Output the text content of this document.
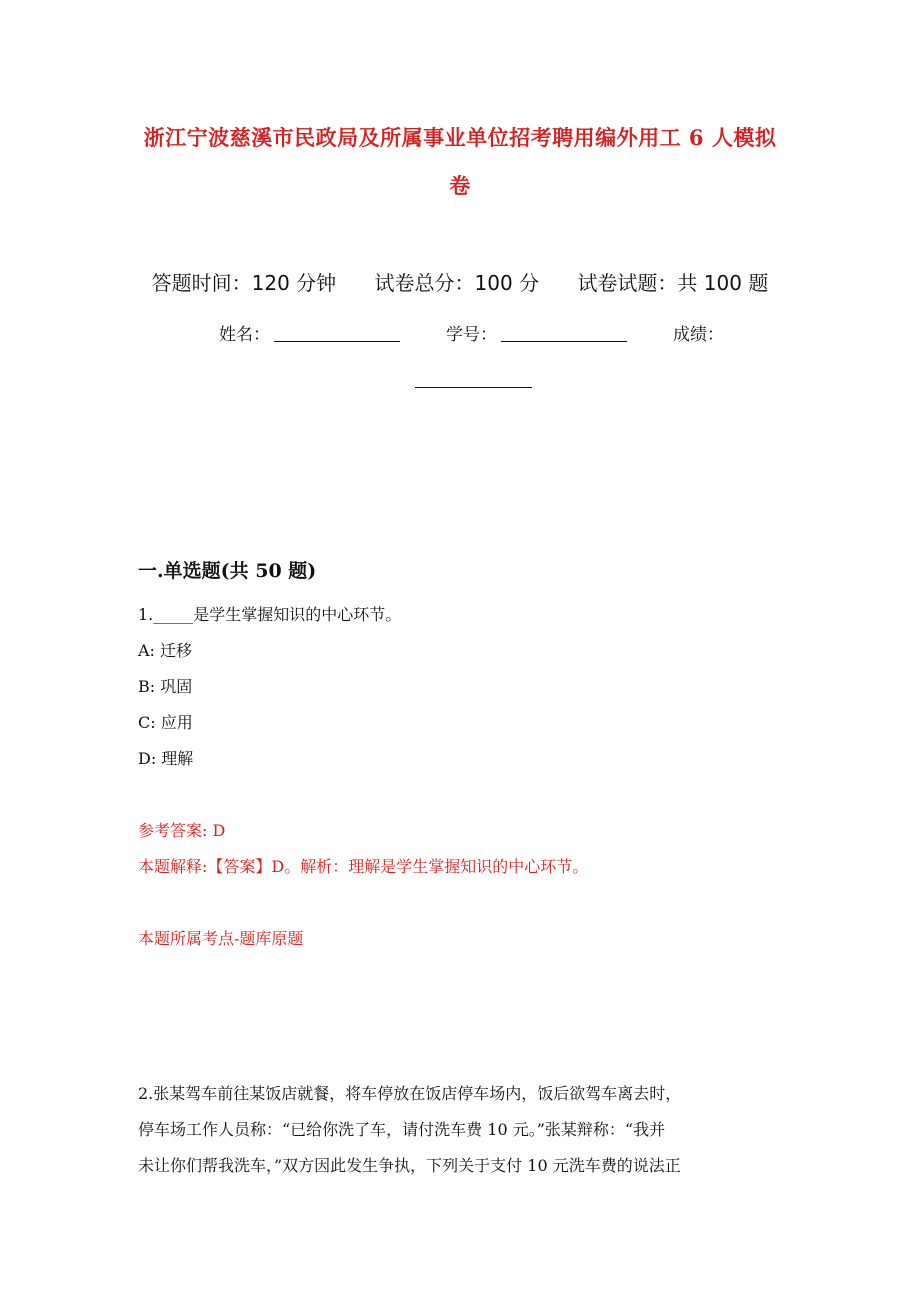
浙江宁波慈溪市民政局及所属事业单位招考聘用编外用工 6 人模拟
卷
答题时间：120 分钟 试卷总分：100 分 试卷试题：共 100 题
姓名：	学号：	成绩：
一.单选题(共 50 题)
1._____是学生掌握知识的中心环节。
A: 迁移
B: 巩固
C: 应用
D: 理解
参考答案: D
本题解释:【答案】D。解析：理解是学生掌握知识的中心环节。
本题所属考点-题库原题
2.张某驾车前往某饭店就餐，将车停放在饭店停车场内，饭后欲驾车离去时，
停车场工作人员称：“已给你洗了车，请付洗车费 10 元。”张某辩称：“我并
未让你们帮我洗车，”双方因此发生争执，下列关于支付 10 元洗车费的说法正
